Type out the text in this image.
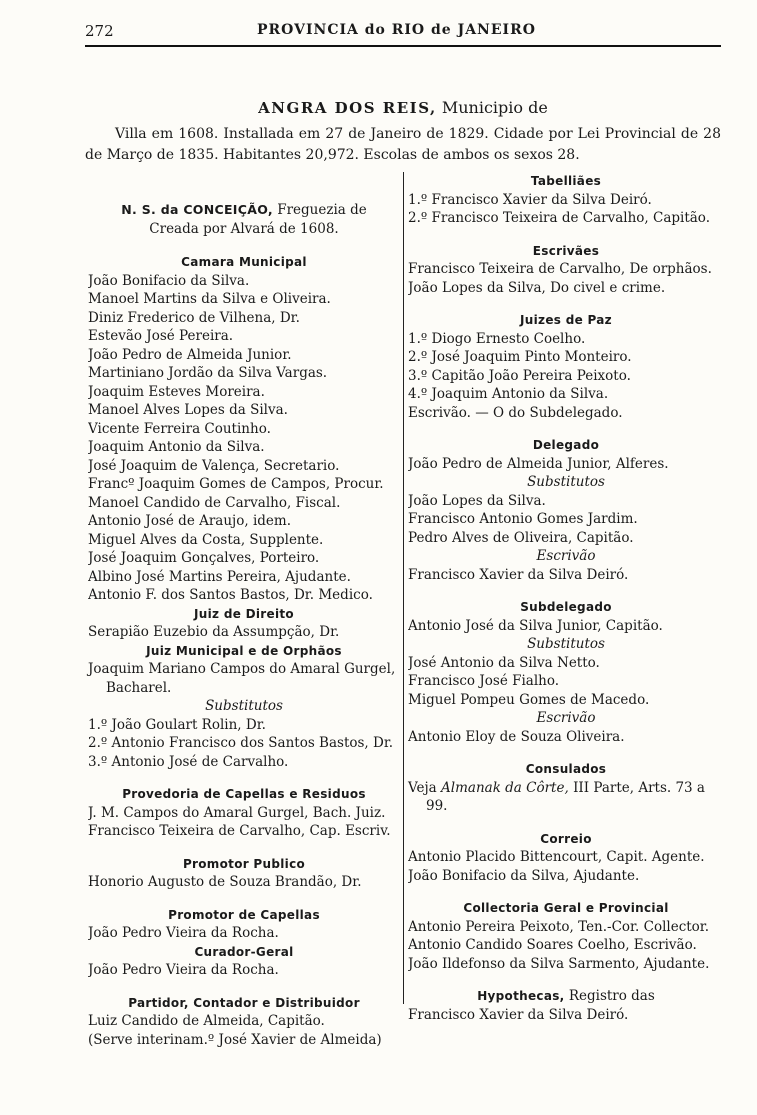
272	PROVINCIA do RIO de JANEIRO
ANGRA DOS REIS, Municipio de

Villa em 1608. Installada em 27 de Janeiro de 1829. Cidade por Lei Provincial de 28 de Março de 1835. Habitantes 20,972. Escolas de ambos os sexos 28.

N. S. da CONCEIÇÃO, Freguezia de
Creada por Alvará de 1608.
Camara Municipal
João Bonifacio da Silva.
Manoel Martins da Silva e Oliveira.
Diniz Frederico de Vilhena, Dr.
Estevão José Pereira.
João Pedro de Almeida Junior.
Martiniano Jordão da Silva Vargas.
Joaquim Esteves Moreira.
Manoel Alves Lopes da Silva.
Vicente Ferreira Coutinho.
Joaquim Antonio da Silva.
José Joaquim de Valença, Secretario.
Francº Joaquim Gomes de Campos, Procur.
Manoel Candido de Carvalho, Fiscal.
Antonio José de Araujo, idem.
Miguel Alves da Costa, Supplente.
José Joaquim Gonçalves, Porteiro.
Albino José Martins Pereira, Ajudante.
Antonio F. dos Santos Bastos, Dr. Medico.
Juiz de Direito
Serapião Euzebio da Assumpção, Dr.
Juiz Municipal e de Orphãos
Joaquim Mariano Campos do Amaral Gurgel, Bacharel.
Substitutos
1.º João Goulart Rolin, Dr.
2.º Antonio Francisco dos Santos Bastos, Dr.
3.º Antonio José de Carvalho.
Provedoria de Capellas e Residuos
J. M. Campos do Amaral Gurgel, Bach. Juiz.
Francisco Teixeira de Carvalho, Cap. Escriv.
Promotor Publico
Honorio Augusto de Souza Brandão, Dr.
Promotor de Capellas
João Pedro Vieira da Rocha.
Curador-Geral
João Pedro Vieira da Rocha.
Partidor, Contador e Distribuidor
Luiz Candido de Almeida, Capitão.
(Serve interinam.º José Xavier de Almeida)
Tabelliães
1.º Francisco Xavier da Silva Deiró.
2.º Francisco Teixeira de Carvalho, Capitão.
Escrivães
Francisco Teixeira de Carvalho, De orphãos.
João Lopes da Silva, Do civel e crime.
Juizes de Paz
1.º Diogo Ernesto Coelho.
2.º José Joaquim Pinto Monteiro.
3.º Capitão João Pereira Peixoto.
4.º Joaquim Antonio da Silva.
Escrivão. — O do Subdelegado.
Delegado
João Pedro de Almeida Junior, Alferes.
Substitutos
João Lopes da Silva.
Francisco Antonio Gomes Jardim.
Pedro Alves de Oliveira, Capitão.
Escrivão
Francisco Xavier da Silva Deiró.
Subdelegado
Antonio José da Silva Junior, Capitão.
Substitutos
José Antonio da Silva Netto.
Francisco José Fialho.
Miguel Pompeu Gomes de Macedo.
Escrivão
Antonio Eloy de Souza Oliveira.
Consulados
Veja Almanak da Côrte, III Parte, Arts. 73 a 99.
Correio
Antonio Placido Bittencourt, Capit. Agente.
João Bonifacio da Silva, Ajudante.
Collectoria Geral e Provincial
Antonio Pereira Peixoto, Ten.-Cor. Collector.
Antonio Candido Soares Coelho, Escrivão.
João Ildefonso da Silva Sarmento, Ajudante.
Hypothecas, Registro das
Francisco Xavier da Silva Deiró.
